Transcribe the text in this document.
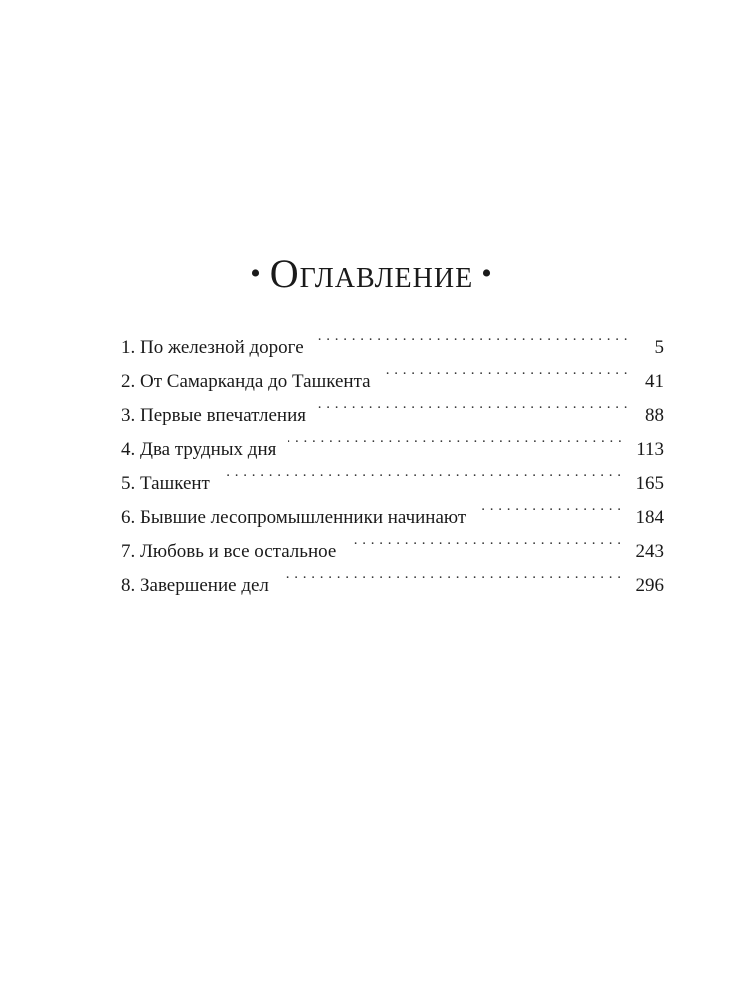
• Оглавление •
1. По железной дороге . . .	5
2. От Самарканда до Ташкента . . .	41
3. Первые впечатления . . .	88
4. Два трудных дня . . .	113
5. Ташкент . . .	165
6. Бывшие лесопромышленники начинают . . .	184
7. Любовь и все остальное . . .	243
8. Завершение дел . . .	296
